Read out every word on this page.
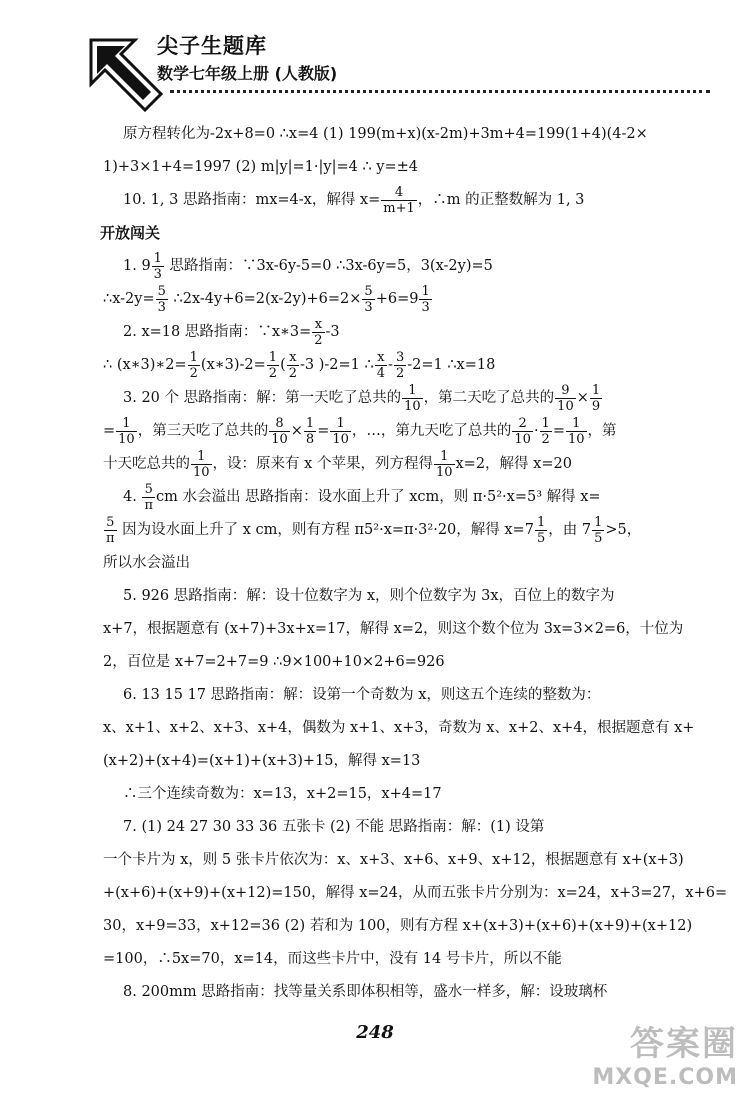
尖子生题库
数学七年级上册 (人教版)
原方程转化为-2x+8=0 ∴x=4 (1) 199(m+x)(x-2m)+3m+4=199(1+4)(4-2×
1)+3×1+4=1997 (2) m|y|=1·|y|=4 ∴ y=±4
10. 1, 3 思路指南：mx=4-x，解得 $x= \frac{4}{m+1}$ ，∴m 的正整数解为 1, 3
开放闯关
1. $9 \frac{1}{3}$ 思路指南：∵3x-6y-5=0 ∴3x-6y=5，3(x-2y)=5
∴x-2y= $\frac{5}{3}$ ∴2x-4y+6=2(x-2y)+6=2× $\frac{5}{3} +6=9 \frac{1}{3}$
2. x=18 思路指南：∵x∗3= $\frac{x}{2} -3$
∴ (x∗3)∗2= $\frac{1}{2}$ (x∗3)-2= $\frac{1}{2}$ ( $\frac{x}{2} -3$ )-2=1 ∴ $\frac{x}{4} - \frac{3}{2} -2=1$ ∴x=18
3. 20 个 思路指南：解：第一天吃了总共的 $\frac{1}{10}$ ，第二天吃了总共的 $\frac{9}{10} \times \frac{1}{9}$
= $\frac{1}{10}$ ，第三天吃了总共的 $\frac{8}{10} \times \frac{1}{8} = \frac{1}{10}$ ，…，第九天吃了总共的 $\frac{2}{10} \cdot \frac{1}{2} = \frac{1}{10}$ ，第
十天吃总共的 $\frac{1}{10}$ ，设：原来有 x 个苹果，列方程得 $\frac{1}{10} x=2$，解得 x=20
4. $\frac{5}{\pi}$ cm 水会溢出 思路指南：设水面上升了 xcm，则 π·5²·x=5³ 解得 x=
$\frac{5}{\pi}$ 因为设水面上升了 x cm，则有方程 π5²·x=π·3²·20，解得 $x=7 \frac{1}{5}$ ，由 $7 \frac{1}{5} >5$，
所以水会溢出
5. 926 思路指南：解：设十位数字为 x，则个位数字为 3x，百位上的数字为
x+7，根据题意有 (x+7)+3x+x=17，解得 x=2，则这个数个位为 3x=3×2=6，十位为
2，百位是 x+7=2+7=9 ∴9×100+10×2+6=926
6. 13 15 17 思路指南：解：设第一个奇数为 x，则这五个连续的整数为：
x、x+1、x+2、x+3、x+4，偶数为 x+1、x+3，奇数为 x、x+2、x+4，根据题意有 x+
(x+2)+(x+4)=(x+1)+(x+3)+15，解得 x=13
∴三个连续奇数为：x=13，x+2=15，x+4=17
7. (1) 24 27 30 33 36 五张卡 (2) 不能 思路指南：解：(1) 设第
一个卡片为 x，则 5 张卡片依次为：x、x+3、x+6、x+9、x+12，根据题意有 x+(x+3)
+(x+6)+(x+9)+(x+12)=150，解得 x=24，从而五张卡片分别为：x=24，x+3=27，x+6=
30，x+9=33，x+12=36 (2) 若和为 100，则有方程 x+(x+3)+(x+6)+(x+9)+(x+12)
=100，∴5x=70，x=14，而这些卡片中，没有 14 号卡片，所以不能
8. 200mm 思路指南：找等量关系即体积相等，盛水一样多，解：设玻璃杯
248	答案圈
MXQE.COM
